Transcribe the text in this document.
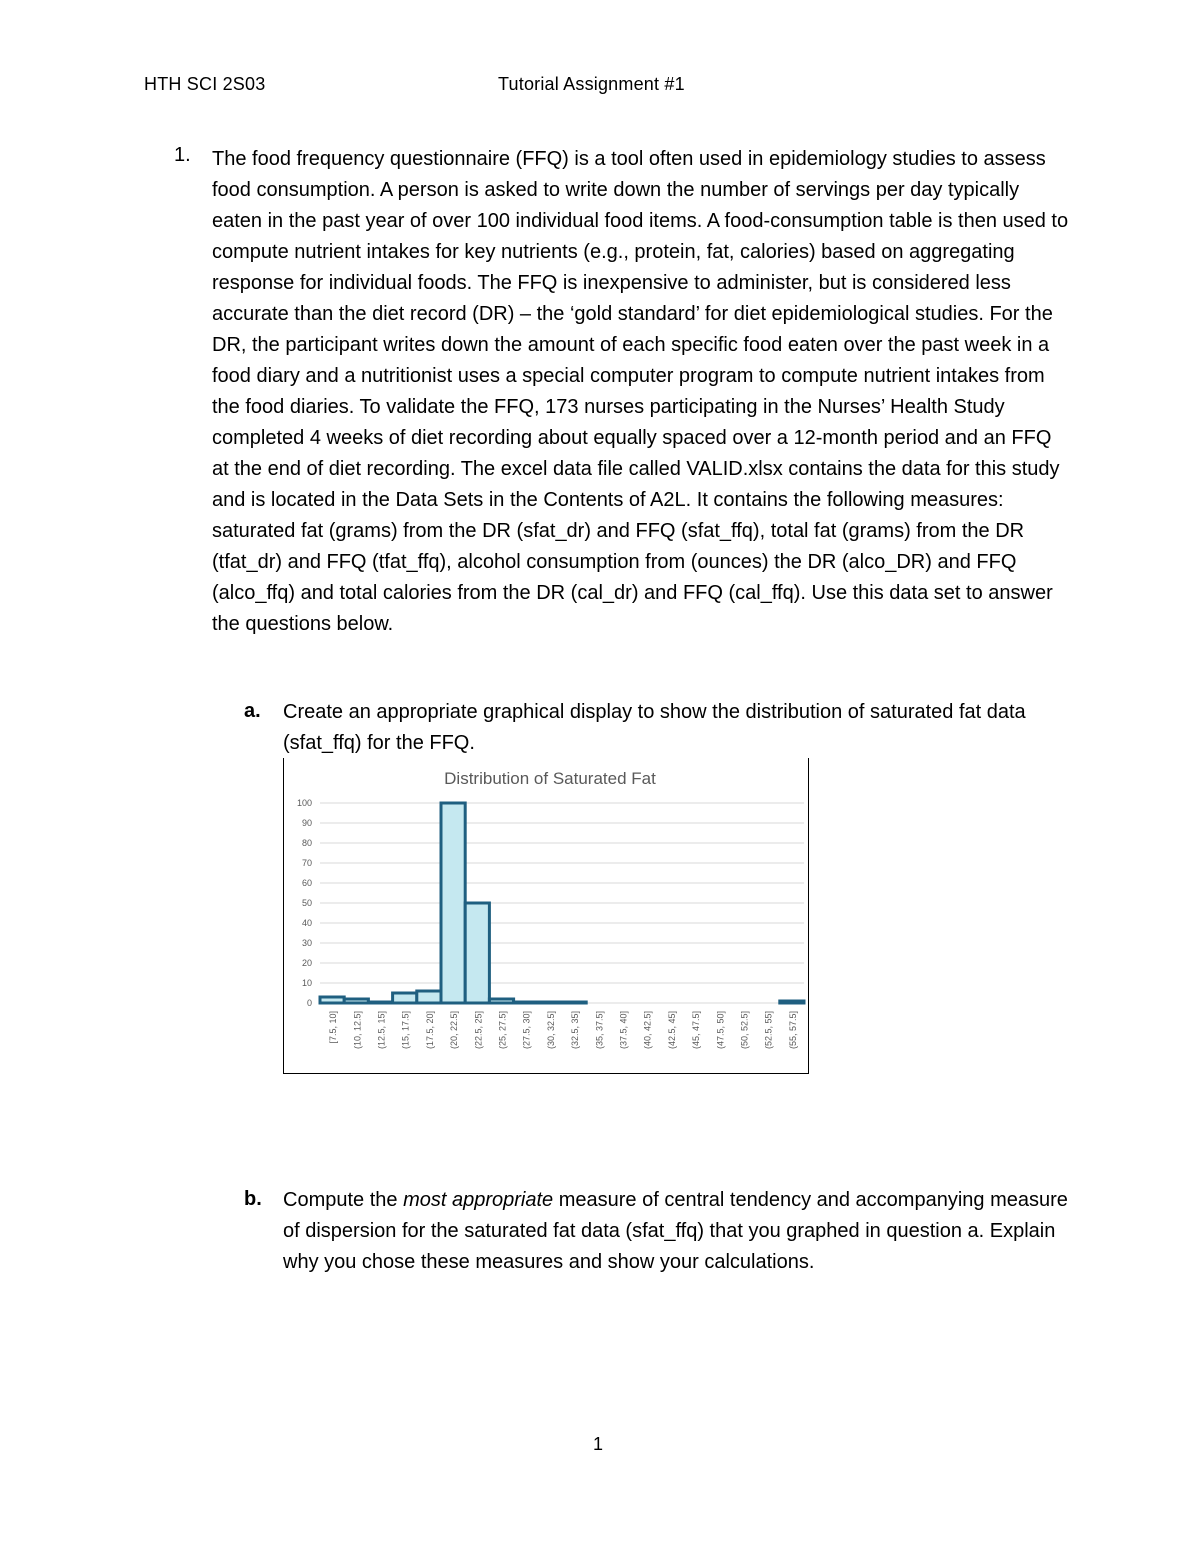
HTH SCI 2S03	Tutorial Assignment #1
1. The food frequency questionnaire (FFQ) is a tool often used in epidemiology studies to assess food consumption. A person is asked to write down the number of servings per day typically eaten in the past year of over 100 individual food items. A food-consumption table is then used to compute nutrient intakes for key nutrients (e.g., protein, fat, calories) based on aggregating response for individual foods. The FFQ is inexpensive to administer, but is considered less accurate than the diet record (DR) – the ‘gold standard’ for diet epidemiological studies. For the DR, the participant writes down the amount of each specific food eaten over the past week in a food diary and a nutritionist uses a special computer program to compute nutrient intakes from the food diaries. To validate the FFQ, 173 nurses participating in the Nurses’ Health Study completed 4 weeks of diet recording about equally spaced over a 12-month period and an FFQ at the end of diet recording. The excel data file called VALID.xlsx contains the data for this study and is located in the Data Sets in the Contents of A2L. It contains the following measures: saturated fat (grams) from the DR (sfat_dr) and FFQ (sfat_ffq), total fat (grams) from the DR (tfat_dr) and FFQ (tfat_ffq), alcohol consumption from (ounces) the DR (alco_DR) and FFQ (alco_ffq) and total calories from the DR (cal_dr) and FFQ (cal_ffq). Use this data set to answer the questions below.
a. Create an appropriate graphical display to show the distribution of saturated fat data (sfat_ffq) for the FFQ.
Distribution of Saturated Fat
0
10
20
30
40
50
60
70
80
90
100
[7.5, 10] (10, 12.5] (12.5, 15] (15, 17.5] (17.5, 20] (20, 22.5] (22.5, 25] (25, 27.5] (27.5, 30] (30, 32.5] (32.5, 35] (35, 37.5] (37.5, 40] (40, 42.5] (42.5, 45] (45, 47.5] (47.5, 50] (50, 52.5] (52.5, 55] (55, 57.5]
b. Compute the most appropriate measure of central tendency and accompanying measure of dispersion for the saturated fat data (sfat_ffq) that you graphed in question a. Explain why you chose these measures and show your calculations.
1
